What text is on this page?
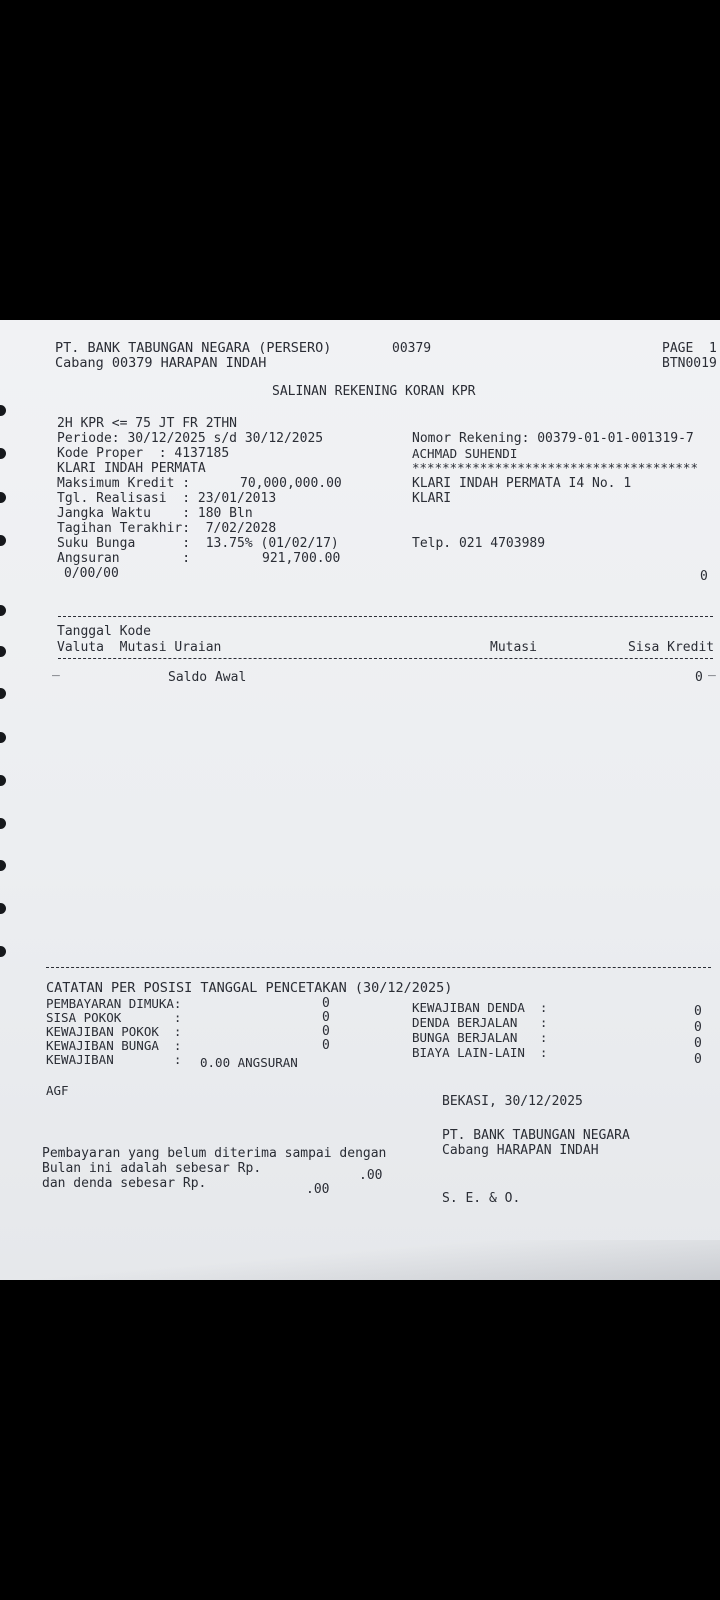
PT. BANK TABUNGAN NEGARA (PERSERO)	00379	PAGE  1
Cabang 00379 HARAPAN INDAH	BTN0019
SALINAN REKENING KORAN KPR
2H KPR <= 75 JT FR 2THN
Periode: 30/12/2025 s/d 30/12/2025
Kode Proper  : 4137185
KLARI INDAH PERMATA
Maksimum Kredit :	70,000,000.00
Tgl. Realisasi  : 23/01/2013
Jangka Waktu    : 180 Bln
Tagihan Terakhir:  7/02/2028
Suku Bunga      :  13.75% (01/02/17)
Angsuran        :	921,700.00
0/00/00	0
Nomor Rekening: 00379-01-01-001319-7
ACHMAD SUHENDI
**************************************
KLARI INDAH PERMATA I4 No. 1
KLARI
Telp. 021 4703989
Tanggal Kode
Valuta  Mutasi Uraian	Mutasi	Sisa Kredit
_
Saldo Awal	0
_
CATATAN PER POSISI TANGGAL PENCETAKAN (30/12/2025)
PEMBAYARAN DIMUKA:	0
SISA POKOK       :	0
KEWAJIBAN POKOK  :	0
KEWAJIBAN BUNGA  :	0
KEWAJIBAN        : 0.00 ANGSURAN
KEWAJIBAN DENDA  :	0
DENDA BERJALAN   :	0
BUNGA BERJALAN   :	0
BIAYA LAIN-LAIN  :	0
AGF
BEKASI, 30/12/2025
PT. BANK TABUNGAN NEGARA
Cabang HARAPAN INDAH
Pembayaran yang belum diterima sampai dengan
Bulan ini adalah sebesar Rp.	.00
dan denda sebesar Rp.	.00
S. E. & O.
